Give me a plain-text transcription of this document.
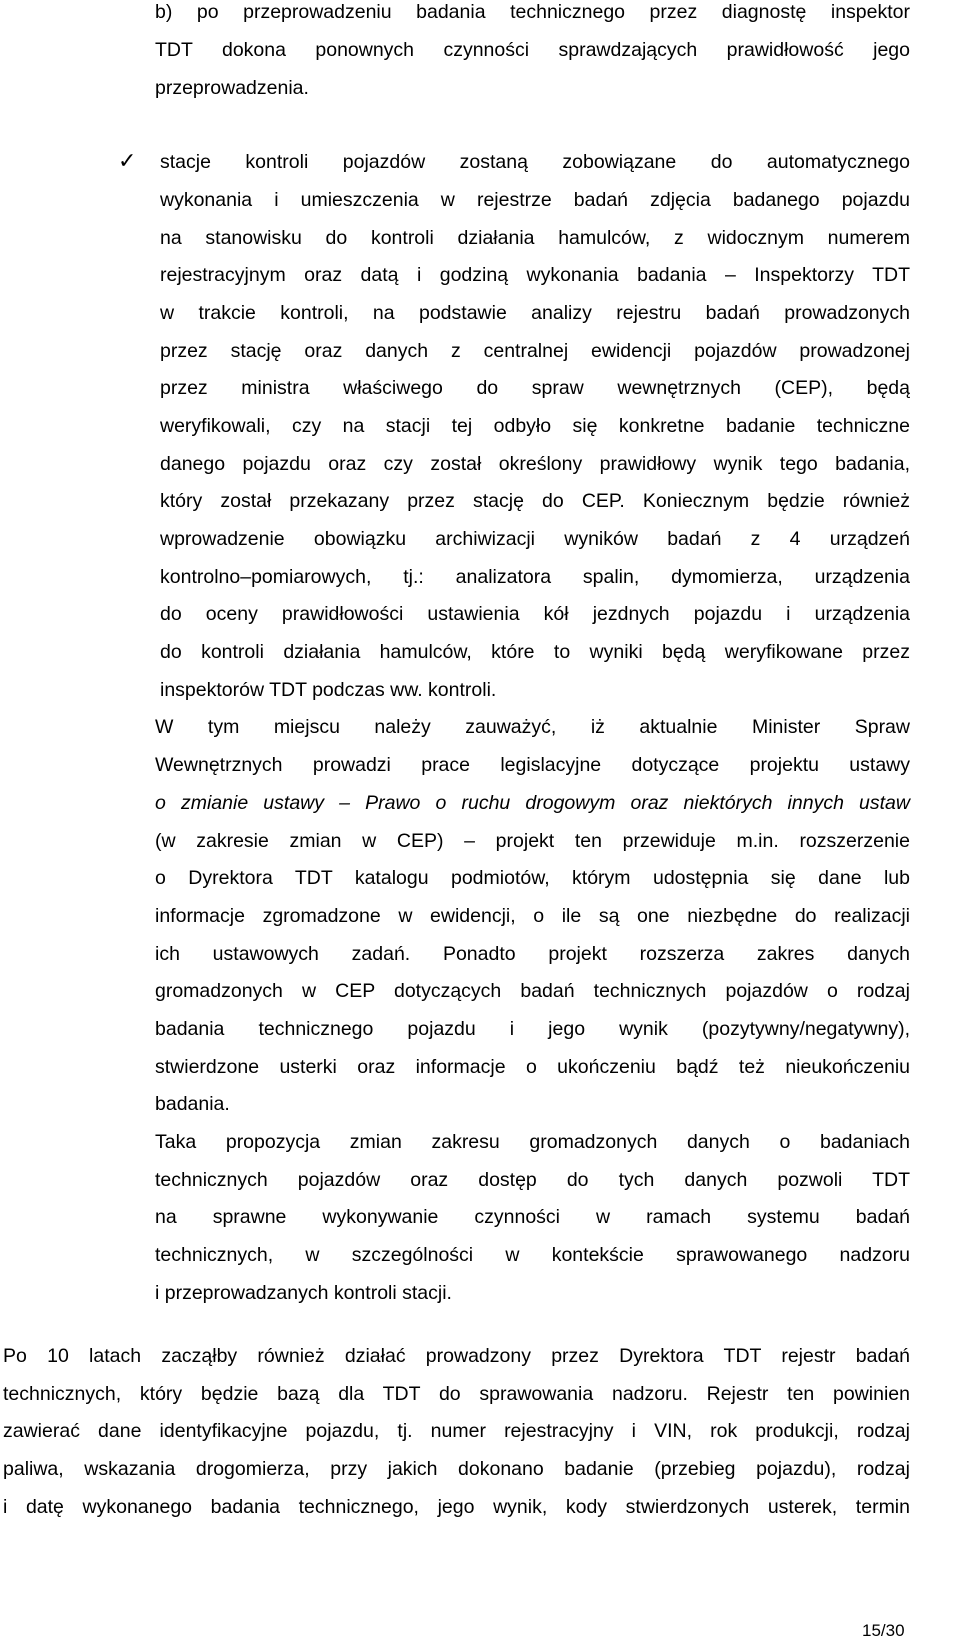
b) po przeprowadzeniu badania technicznego przez diagnostę inspektor
TDT dokona ponownych czynności sprawdzających prawidłowość jego
przeprowadzenia.
✓ stacje kontroli pojazdów zostaną zobowiązane do automatycznego
wykonania i umieszczenia w rejestrze badań zdjęcia badanego pojazdu
na stanowisku do kontroli działania hamulców, z widocznym numerem
rejestracyjnym oraz datą i godziną wykonania badania – Inspektorzy TDT
w trakcie kontroli, na podstawie analizy rejestru badań prowadzonych
przez stację oraz danych z centralnej ewidencji pojazdów prowadzonej
przez ministra właściwego do spraw wewnętrznych (CEP), będą
weryfikowali, czy na stacji tej odbyło się konkretne badanie techniczne
danego pojazdu oraz czy został określony prawidłowy wynik tego badania,
który został przekazany przez stację do CEP. Koniecznym będzie również
wprowadzenie obowiązku archiwizacji wyników badań z 4 urządzeń
kontrolno–pomiarowych, tj.: analizatora spalin, dymomierza, urządzenia
do oceny prawidłowości ustawienia kół jezdnych pojazdu i urządzenia
do kontroli działania hamulców, które to wyniki będą weryfikowane przez
inspektorów TDT podczas ww. kontroli.
W tym miejscu należy zauważyć, iż aktualnie Minister Spraw
Wewnętrznych prowadzi prace legislacyjne dotyczące projektu ustawy
o zmianie ustawy – Prawo o ruchu drogowym oraz niektórych innych ustaw
(w zakresie zmian w CEP) – projekt ten przewiduje m.in. rozszerzenie
o Dyrektora TDT katalogu podmiotów, którym udostępnia się dane lub
informacje zgromadzone w ewidencji, o ile są one niezbędne do realizacji
ich ustawowych zadań. Ponadto projekt rozszerza zakres danych
gromadzonych w CEP dotyczących badań technicznych pojazdów o rodzaj
badania technicznego pojazdu i jego wynik (pozytywny/negatywny),
stwierdzone usterki oraz informacje o ukończeniu bądź też nieukończeniu
badania.
Taka propozycja zmian zakresu gromadzonych danych o badaniach
technicznych pojazdów oraz dostęp do tych danych pozwoli TDT
na sprawne wykonywanie czynności w ramach systemu badań
technicznych, w szczególności w kontekście sprawowanego nadzoru
i przeprowadzanych kontroli stacji.
Po 10 latach zacząłby również działać prowadzony przez Dyrektora TDT rejestr badań
technicznych, który będzie bazą dla TDT do sprawowania nadzoru. Rejestr ten powinien
zawierać dane identyfikacyjne pojazdu, tj. numer rejestracyjny i VIN, rok produkcji, rodzaj
paliwa, wskazania drogomierza, przy jakich dokonano badanie (przebieg pojazdu), rodzaj
i datę wykonanego badania technicznego, jego wynik, kody stwierdzonych usterek, termin
15/30
